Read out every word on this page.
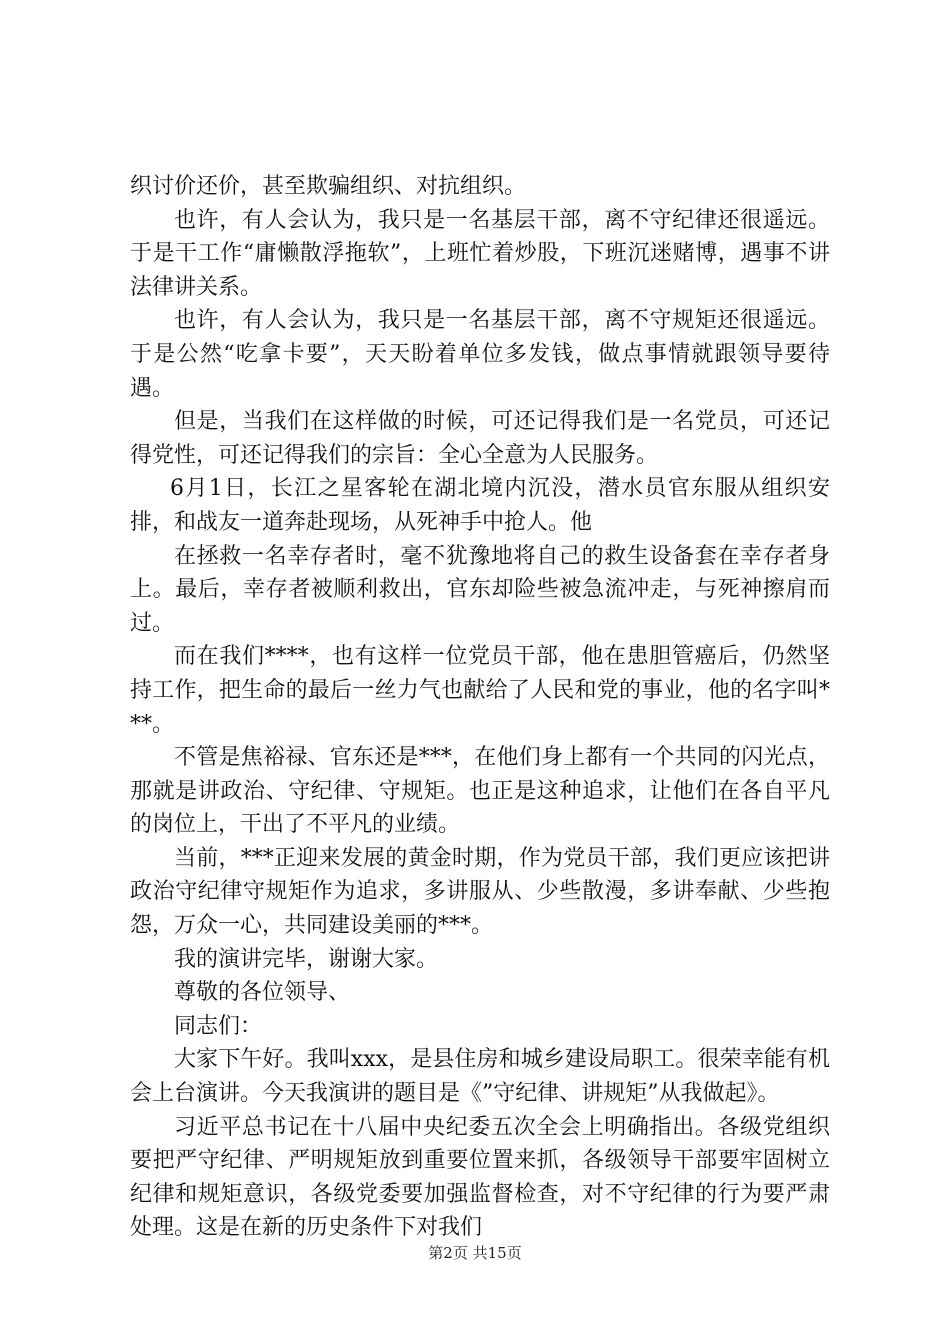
织讨价还价，甚至欺骗组织、对抗组织。

也许，有人会认为，我只是一名基层干部，离不守纪律还很遥远。于是干工作“庸懒散浮拖软”，上班忙着炒股，下班沉迷赌博，遇事不讲法律讲关系。

也许，有人会认为，我只是一名基层干部，离不守规矩还很遥远。于是公然“吃拿卡要”，天天盼着单位多发钱，做点事情就跟领导要待遇。

但是，当我们在这样做的时候，可还记得我们是一名党员，可还记得党性，可还记得我们的宗旨：全心全意为人民服务。

6月1日，长江之星客轮在湖北境内沉没，潜水员官东服从组织安排，和战友一道奔赴现场，从死神手中抢人。他

在拯救一名幸存者时，毫不犹豫地将自己的救生设备套在幸存者身上。最后，幸存者被顺利救出，官东却险些被急流冲走，与死神擦肩而过。

而在我们****，也有这样一位党员干部，他在患胆管癌后，仍然坚持工作，把生命的最后一丝力气也献给了人民和党的事业，他的名字叫***。

不管是焦裕禄、官东还是***，在他们身上都有一个共同的闪光点，那就是讲政治、守纪律、守规矩。也正是这种追求，让他们在各自平凡的岗位上，干出了不平凡的业绩。

当前，***正迎来发展的黄金时期，作为党员干部，我们更应该把讲政治守纪律守规矩作为追求，多讲服从、少些散漫，多讲奉献、少些抱怨，万众一心，共同建设美丽的***。

我的演讲完毕，谢谢大家。

尊敬的各位领导、

同志们：

大家下午好。我叫xxx，是县住房和城乡建设局职工。很荣幸能有机会上台演讲。今天我演讲的题目是《”守纪律、讲规矩”从我做起》。

习近平总书记在十八届中央纪委五次全会上明确指出。各级党组织要把严守纪律、严明规矩放到重要位置来抓，各级领导干部要牢固树立纪律和规矩意识，各级党委要加强监督检查，对不守纪律的行为要严肃处理。这是在新的历史条件下对我们

第2页 共15页
